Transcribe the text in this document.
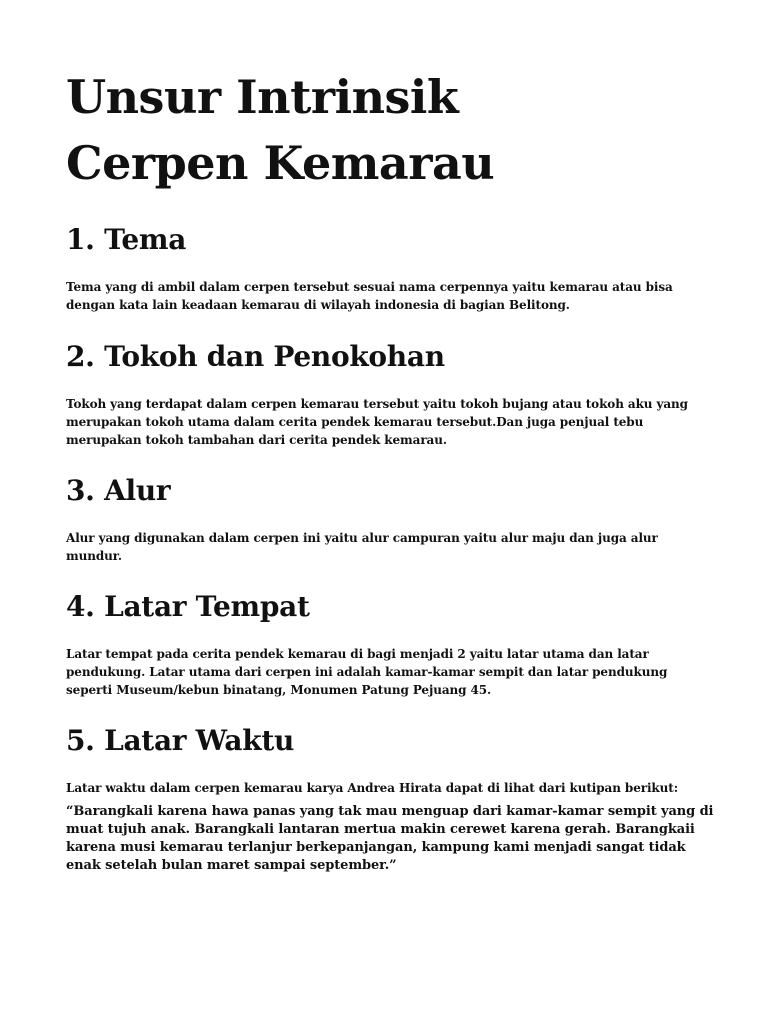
Unsur Intrinsik
Cerpen Kemarau
1. Tema

Tema yang di ambil dalam cerpen tersebut sesuai nama cerpennya yaitu kemarau atau bisa dengan kata lain keadaan kemarau di wilayah indonesia di bagian Belitong.

2. Tokoh dan Penokohan

Tokoh yang terdapat dalam cerpen kemarau tersebut yaitu tokoh bujang atau tokoh aku yang merupakan tokoh utama dalam cerita pendek kemarau tersebut.Dan juga penjual tebu merupakan tokoh tambahan dari cerita pendek kemarau.

3. Alur

Alur yang digunakan dalam cerpen ini yaitu alur campuran yaitu alur maju dan juga alur mundur.

4. Latar Tempat

Latar tempat pada cerita pendek kemarau di bagi menjadi 2 yaitu latar utama dan latar pendukung. Latar utama dari cerpen ini adalah kamar-kamar sempit dan latar pendukung seperti Museum/kebun binatang, Monumen Patung Pejuang 45.

5. Latar Waktu

Latar waktu dalam cerpen kemarau karya Andrea Hirata dapat di lihat dari kutipan berikut:

“Barangkali karena hawa panas yang tak mau menguap dari kamar-kamar sempit yang di muat tujuh anak. Barangkali lantaran mertua makin cerewet karena gerah. Barangkaii karena musi kemarau terlanjur berkepanjangan, kampung kami menjadi sangat tidak enak setelah bulan maret sampai september.”
